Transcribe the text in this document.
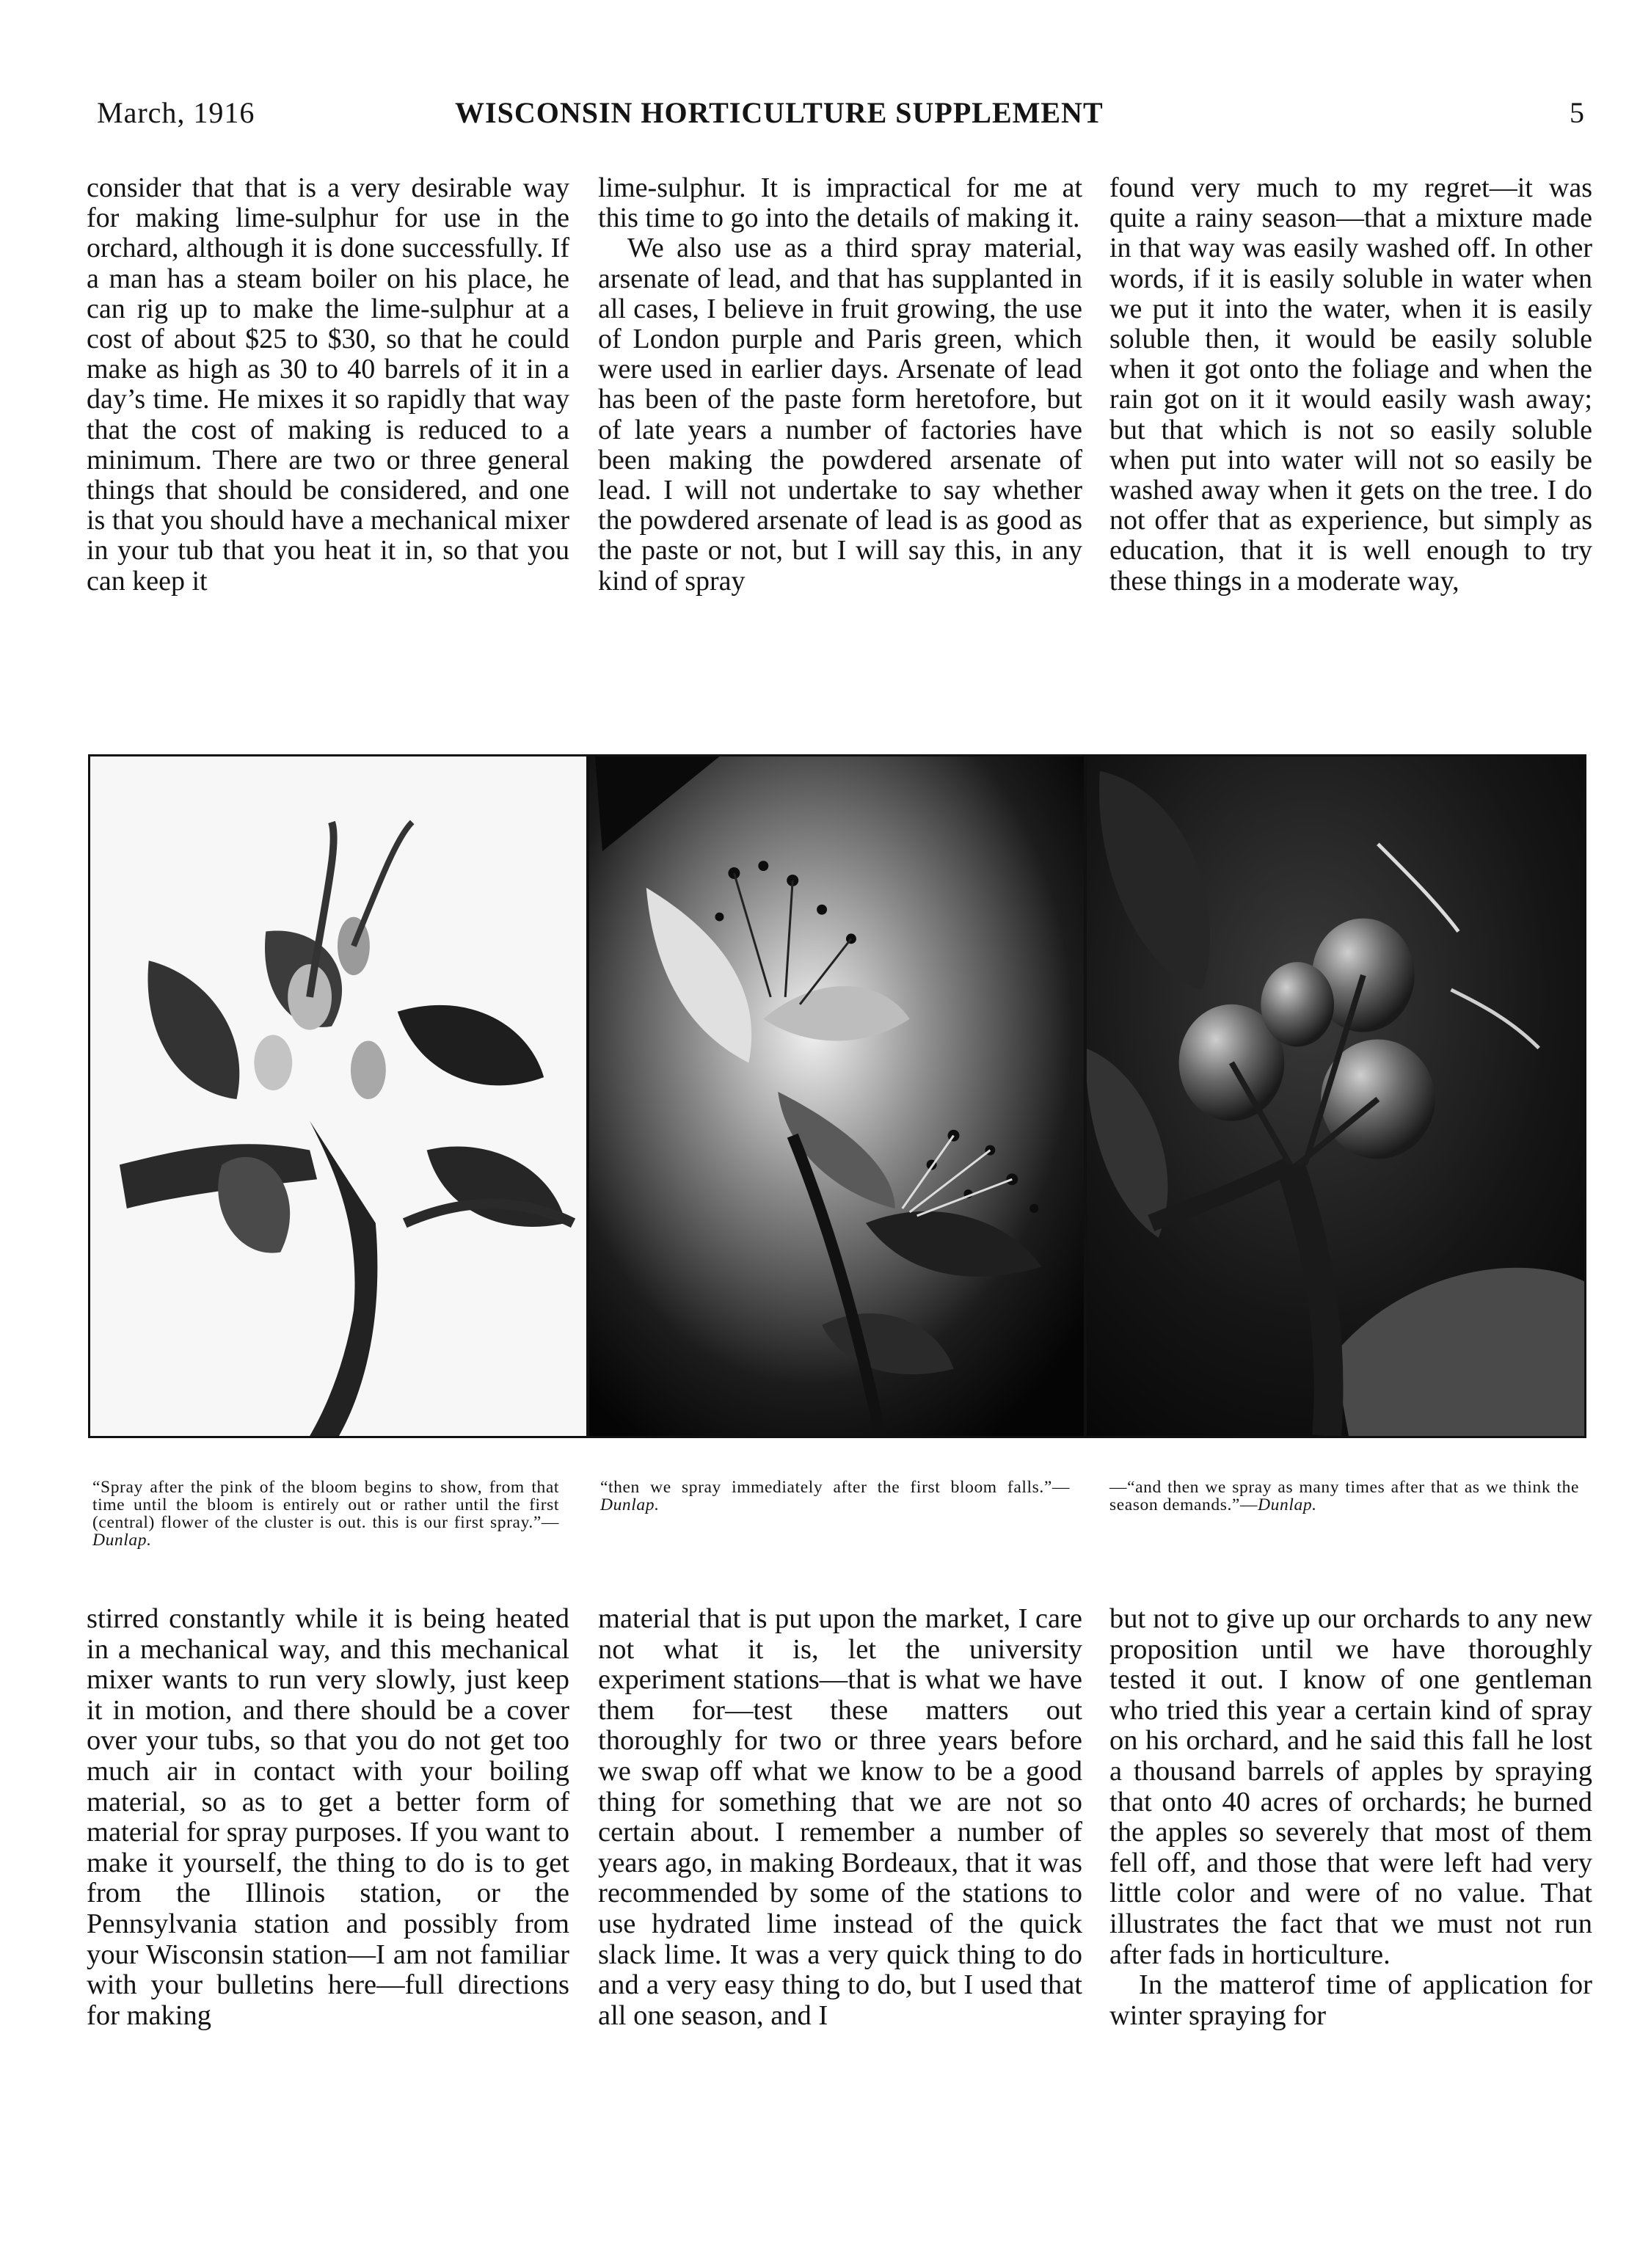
March, 1916	WISCONSIN HORTICULTURE SUPPLEMENT	5

consider that that is a very desirable way for making lime-sulphur for use in the orchard, although it is done successfully. If a man has a steam boiler on his place, he can rig up to make the lime-sulphur at a cost of about $25 to $30, so that he could make as high as 30 to 40 barrels of it in a day’s time. He mixes it so rapidly that way that the cost of making is reduced to a minimum. There are two or three general things that should be considered, and one is that you should have a mechanical mixer in your tub that you heat it in, so that you can keep it

lime-sulphur. It is impractical for me at this time to go into the details of making it.

We also use as a third spray material, arsenate of lead, and that has supplanted in all cases, I believe in fruit growing, the use of London purple and Paris green, which were used in earlier days. Arsenate of lead has been of the paste form heretofore, but of late years a number of factories have been making the powdered arsenate of lead. I will not undertake to say whether the powdered arsenate of lead is as good as the paste or not, but I will say this, in any kind of spray

found very much to my regret—it was quite a rainy season—that a mixture made in that way was easily washed off. In other words, if it is easily soluble in water when we put it into the water, when it is easily soluble then, it would be easily soluble when it got onto the foliage and when the rain got on it it would easily wash away; but that which is not so easily soluble when put into water will not so easily be washed away when it gets on the tree. I do not offer that as experience, but simply as education, that it is well enough to try these things in a moderate way,

“Spray after the pink of the bloom begins to show, from that time until the bloom is entirely out or rather until the first (central) flower of the cluster is out. this is our first spray.”—Dunlap.
“then we spray immediately after the first bloom falls.”—Dunlap.
—“and then we spray as many times after that as we think the season demands.”—Dunlap.

stirred constantly while it is being heated in a mechanical way, and this mechanical mixer wants to run very slowly, just keep it in motion, and there should be a cover over your tubs, so that you do not get too much air in contact with your boiling material, so as to get a better form of material for spray purposes. If you want to make it yourself, the thing to do is to get from the Illinois station, or the Pennsylvania station and possibly from your Wisconsin station—I am not familiar with your bulletins here—full directions for making

material that is put upon the market, I care not what it is, let the university experiment stations—that is what we have them for—test these matters out thoroughly for two or three years before we swap off what we know to be a good thing for something that we are not so certain about. I remember a number of years ago, in making Bordeaux, that it was recommended by some of the stations to use hydrated lime instead of the quick slack lime. It was a very quick thing to do and a very easy thing to do, but I used that all one season, and I

but not to give up our orchards to any new proposition until we have thoroughly tested it out. I know of one gentleman who tried this year a certain kind of spray on his orchard, and he said this fall he lost a thousand barrels of apples by spraying that onto 40 acres of orchards; he burned the apples so severely that most of them fell off, and those that were left had very little color and were of no value. That illustrates the fact that we must not run after fads in horticulture.

In the matterof time of application for winter spraying for
